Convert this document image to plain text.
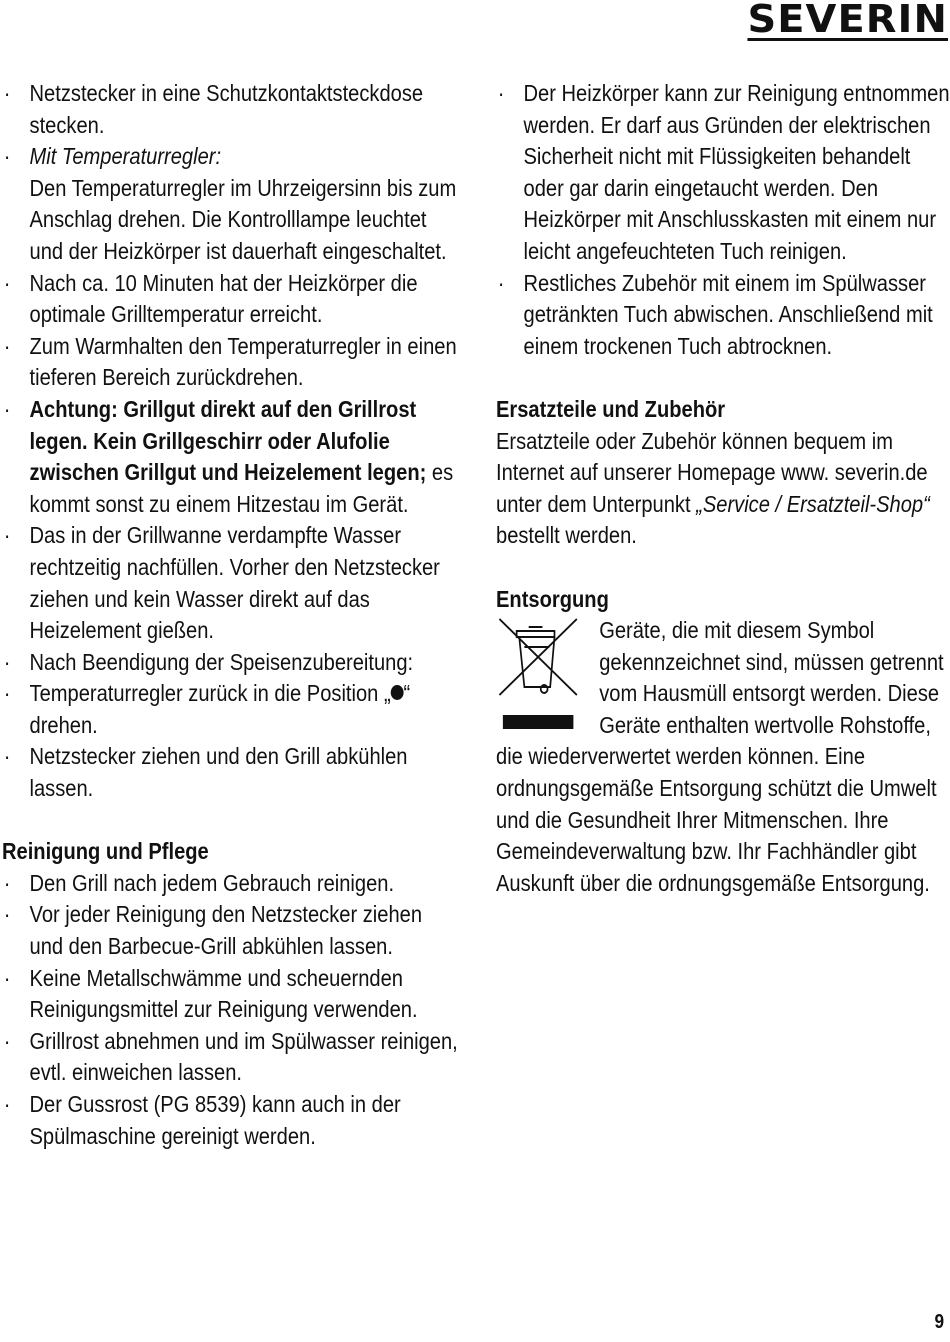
SEVERIN
· Netzstecker in eine Schutzkontaktsteckdose stecken.
· Mit Temperaturregler:
Den Temperaturregler im Uhrzeigersinn bis zum Anschlag drehen. Die Kontrolllampe leuchtet und der Heizkörper ist dauerhaft eingeschaltet.
· Nach ca. 10 Minuten hat der Heizkörper die optimale Grilltemperatur erreicht.
· Zum Warmhalten den Temperaturregler in einen tieferen Bereich zurückdrehen.
· Achtung: Grillgut direkt auf den Grillrost legen. Kein Grillgeschirr oder Alufolie zwischen Grillgut und Heizelement legen; es kommt sonst zu einem Hitzestau im Gerät.
· Das in der Grillwanne verdampfte Wasser rechtzeitig nachfüllen. Vorher den Netzstecker ziehen und kein Wasser direkt auf das Heizelement gießen.
· Nach Beendigung der Speisenzubereitung:
· Temperaturregler zurück in die Position „ “ drehen.
· Netzstecker ziehen und den Grill abkühlen lassen.
Reinigung und Pflege
· Den Grill nach jedem Gebrauch reinigen.
· Vor jeder Reinigung den Netzstecker ziehen und den Barbecue-Grill abkühlen lassen.
· Keine Metallschwämme und scheuernden Reinigungsmittel zur Reinigung verwenden.
· Grillrost abnehmen und im Spülwasser reinigen, evtl. einweichen lassen.
· Der Gussrost (PG 8539) kann auch in der Spülmaschine gereinigt werden.
· Der Heizkörper kann zur Reinigung entnommen werden. Er darf aus Gründen der elektrischen Sicherheit nicht mit Flüssigkeiten behandelt oder gar darin eingetaucht werden. Den Heizkörper mit Anschlusskasten mit einem nur leicht angefeuchteten Tuch reinigen.
· Restliches Zubehör mit einem im Spülwasser getränkten Tuch abwischen. Anschließend mit einem trockenen Tuch abtrocknen.
Ersatzteile und Zubehör

Ersatzteile oder Zubehör können bequem im Internet auf unserer Homepage www. severin.de unter dem Unterpunkt „Service / Ersatzteil-Shop“ bestellt werden.

Entsorgung

Geräte, die mit diesem Symbol gekennzeichnet sind, müssen getrennt vom Hausmüll entsorgt werden. Diese Geräte enthalten wertvolle Rohstoffe, die wiederverwertet werden können. Eine ordnungsgemäße Entsorgung schützt die Umwelt und die Gesundheit Ihrer Mitmenschen. Ihre Gemeindeverwaltung bzw. Ihr Fachhändler gibt Auskunft über die ordnungsgemäße Entsorgung.

9
